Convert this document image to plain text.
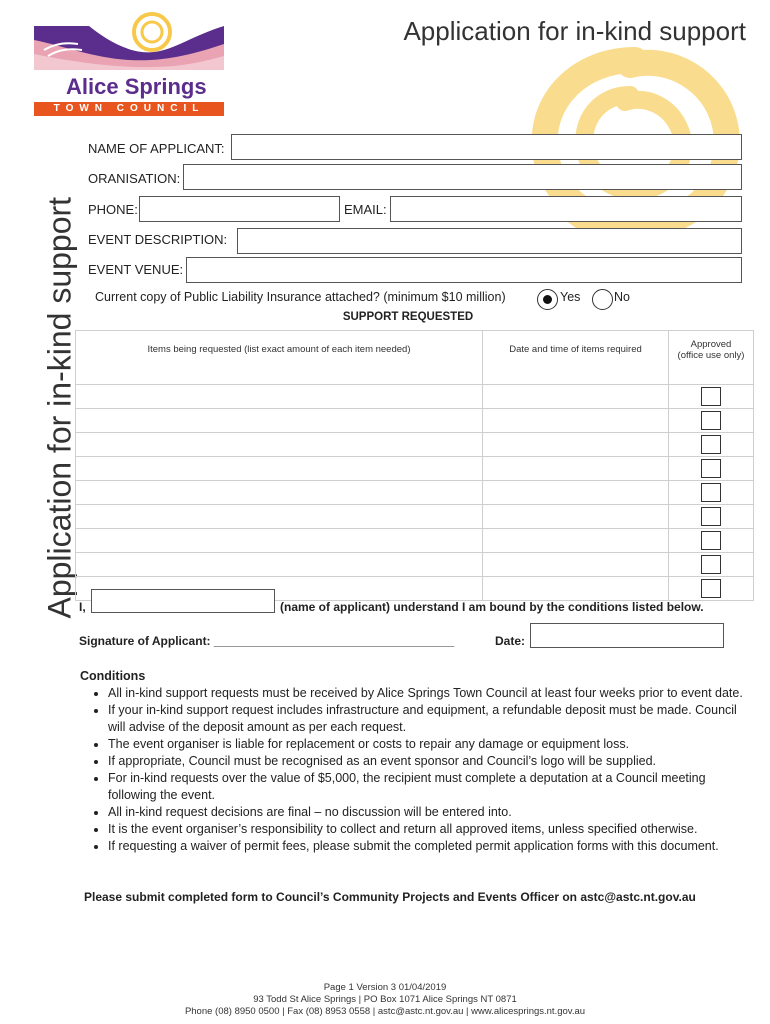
Alice Springs
TOWN COUNCIL
Application for in-kind support
Application for in-kind support
NAME OF APPLICANT:
ORANISATION:
PHONE:	EMAIL:
EVENT DESCRIPTION:
EVENT VENUE:
Current copy of Public Liability Insurance attached? (minimum $10 million)	Yes	No
SUPPORT REQUESTED
Items being requested (list exact amount of each item needed)	Date and time of items required	Approved
(office use only)

I,	(name of applicant) understand I am bound by the conditions listed below.
Signature of Applicant: ____________________________________	Date:
Conditions
• All in-kind support requests must be received by Alice Springs Town Council at least four weeks prior to event date.
• If your in-kind support request includes infrastructure and equipment, a refundable deposit must be made. Council will advise of the deposit amount as per each request.
• The event organiser is liable for replacement or costs to repair any damage or equipment loss.
• If appropriate, Council must be recognised as an event sponsor and Council’s logo will be supplied.
• For in-kind requests over the value of $5,000, the recipient must complete a deputation at a Council meeting following the event.
• All in-kind request decisions are final – no discussion will be entered into.
• It is the event organiser’s responsibility to collect and return all approved items, unless specified otherwise.
• If requesting a waiver of permit fees, please submit the completed permit application forms with this document.
Please submit completed form to Council’s Community Projects and Events Officer on astc@astc.nt.gov.au
Page 1 Version 3 01/04/2019
93 Todd St Alice Springs | PO Box 1071 Alice Springs NT 0871
Phone (08) 8950 0500 | Fax (08) 8953 0558 | astc@astc.nt.gov.au | www.alicesprings.nt.gov.au
